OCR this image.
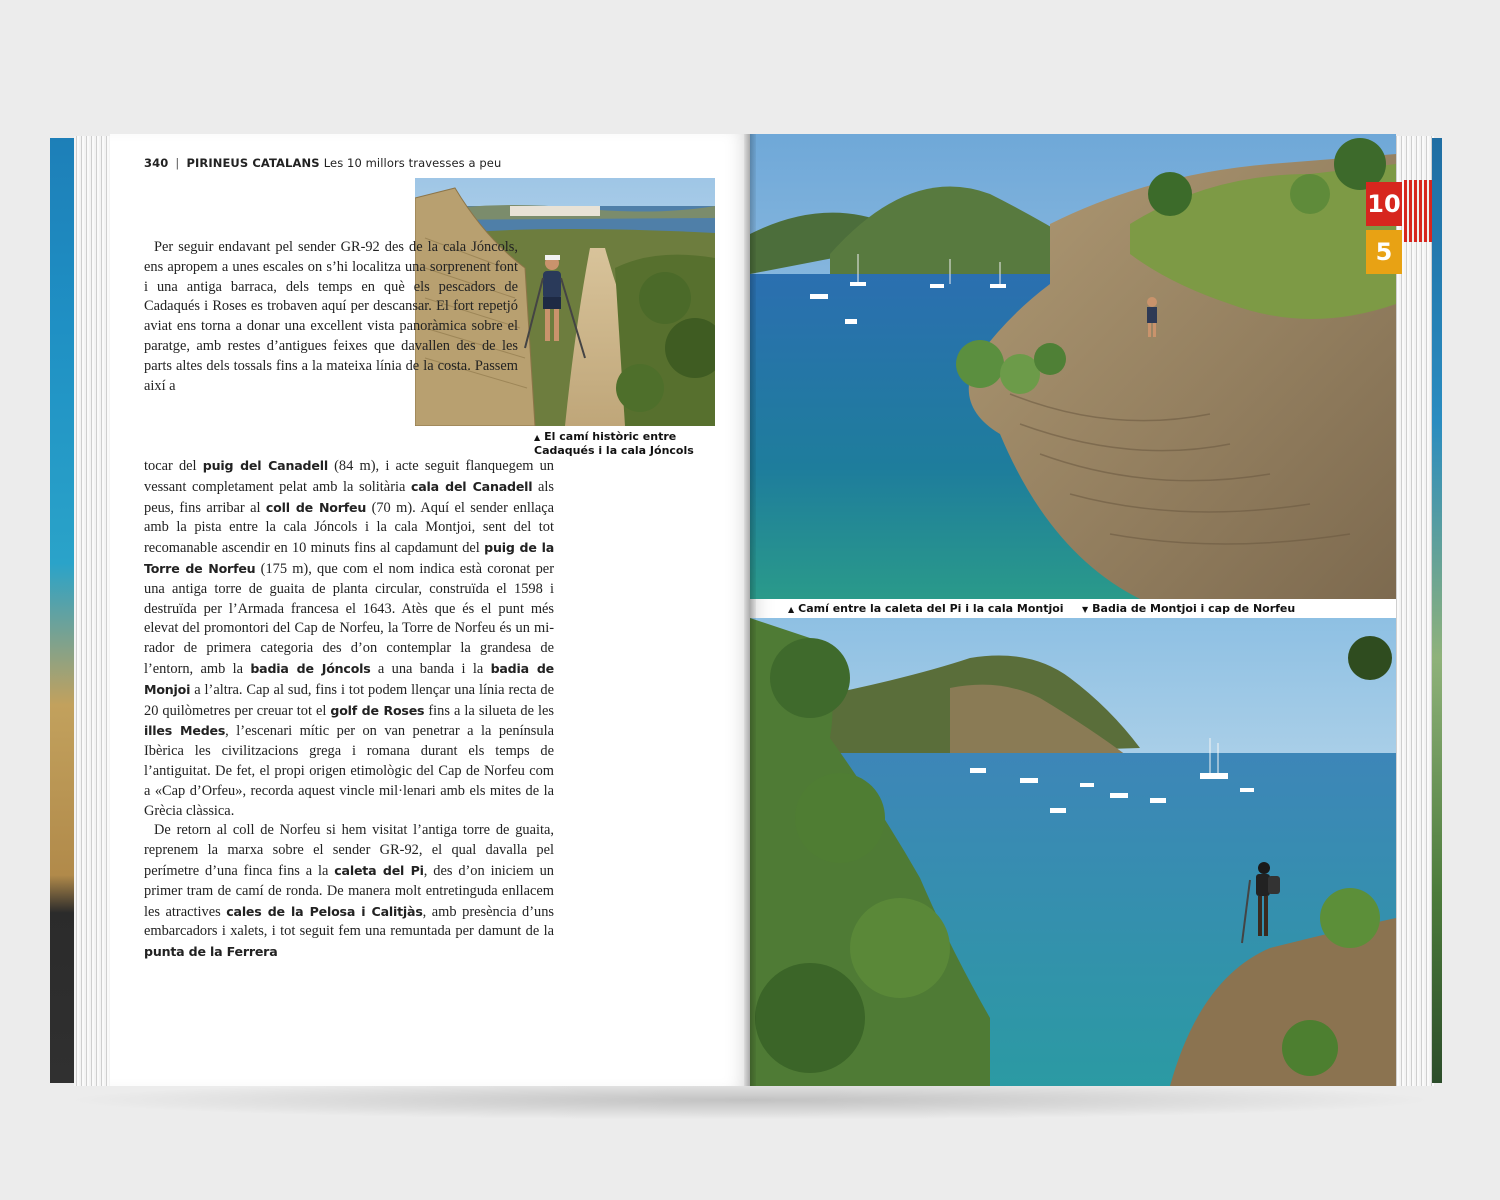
340 | PIRINEUS CATALANS Les 10 millors travesses a peu
▲ El camí històric entre Cadaqués i la cala Jóncols

Per seguir endavant pel sender GR-92 des de la cala Jóncols, ens apropem a unes escales on s’hi localitza una sorprenent font i una antiga barraca, dels temps en què els pescadors de Cadaqués i Roses es trobaven aquí per descansar. El fort repetjó aviat ens torna a donar una excellent vista panoràmica sobre el paratge, amb restes d’antigues feixes que davallen des de les parts altes dels tossals fins a la mateixa línia de la costa. Passem així a

tocar del puig del Canadell (84 m), i acte seguit flanquegem un vessant completament pelat amb la solitària cala del Canadell als peus, fins arribar al coll de Norfeu (70 m). Aquí el sender enllaça amb la pista entre la cala Jóncols i la cala Montjoi, sent del tot recomanable ascendir en 10 minuts fins al capdamunt del puig de la Torre de Norfeu (175 m), que com el nom indica està coronat per una antiga torre de guaita de planta circular, construïda el 1598 i destruïda per l’Armada francesa el 1643. Atès que és el punt més elevat del promontori del Cap de Norfeu, la Torre de Norfeu és un mirador de primera categoria des d’on contemplar la grandesa de l’entorn, amb la badia de Jóncols a una banda i la badia de Monjoi a l’altra. Cap al sud, fins i tot podem llençar una línia recta de 20 quilòmetres per creuar tot el golf de Roses fins a la silueta de les illes Medes, l’escenari mític per on van penetrar a la península Ibèrica les civilitzacions grega i romana durant els temps de l’antiguitat. De fet, el propi origen etimològic del Cap de Norfeu com a «Cap d’Orfeu», recorda aquest vincle mil·lenari amb els mites de la Grècia clàssica.

De retorn al coll de Norfeu si hem visitat l’antiga torre de guaita, reprenem la marxa sobre el sender GR-92, el qual davalla pel perímetre d’una finca fins a la caleta del Pi, des d’on iniciem un primer tram de camí de ronda. De manera molt entretinguda enllacem les atractives cales de la Pelosa i Calitjàs, amb presència d’uns embarcadors i xalets, i tot seguit fem una remuntada per damunt de la punta de la Ferrera

▲ Camí entre la caleta del Pi i la cala Montjoi ▼ Badia de Montjoi i cap de Norfeu
10
5
